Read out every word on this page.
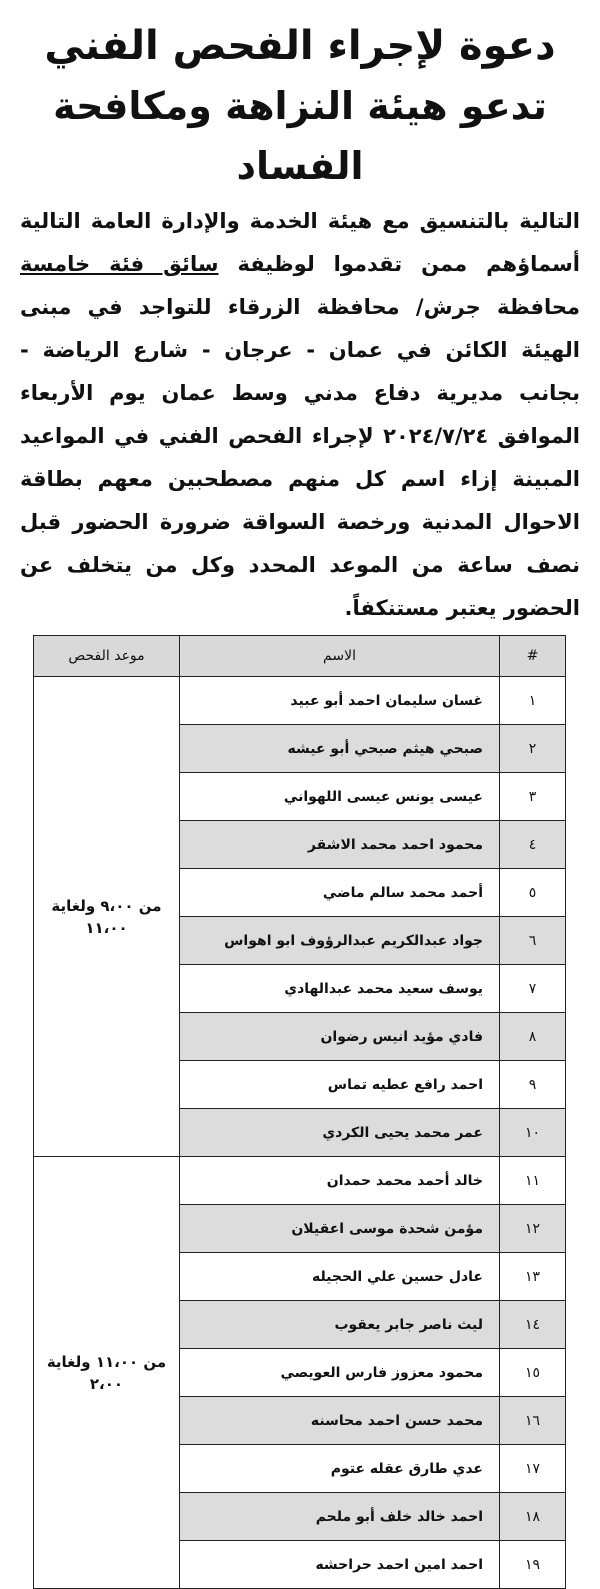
دعوة لإجراء الفحص الفني
تدعو هيئة النزاهة ومكافحة الفساد

التالية بالتنسيق مع هيئة الخدمة والإدارة العامة التالية أسماؤهم ممن تقدموا لوظيفة سائق فئة خامسة محافظة جرش/ محافظة الزرقاء للتواجد في مبنى الهيئة الكائن في عمان - عرجان - شارع الرياضة - بجانب مديرية دفاع مدني وسط عمان يوم الأربعاء الموافق ٢٠٢٤/٧/٢٤ لإجراء الفحص الفني في المواعيد المبينة إزاء اسم كل منهم مصطحبين معهم بطاقة الاحوال المدنية ورخصة السواقة ضرورة الحضور قبل نصف ساعة من الموعد المحدد وكل من يتخلف عن الحضور يعتبر مستنكفاً.

#	الاسم	موعد الفحص
١	غسان سليمان احمد أبو عبيد	من ٩،٠٠ ولغاية ١١،٠٠
٢	صبحي هيثم صبحي أبو عيشه	
٣	عيسى يونس عيسى اللهواني	
٤	محمود احمد محمد الاشقر	
٥	أحمد محمد سالم ماضي	
٦	جواد عبدالكريم عبدالرؤوف ابو اهواس	
٧	يوسف سعيد محمد عبدالهادي	
٨	فادي مؤيد انيس رضوان	
٩	احمد رافع عطيه تماس	
١٠	عمر محمد يحيى الكردي	
١١	خالد أحمد محمد حمدان	من ١١،٠٠ ولغاية ٢،٠٠
١٢	مؤمن شحدة موسى اعقيلان	
١٣	عادل حسين علي الحجيله	
١٤	ليث ناصر جابر يعقوب	
١٥	محمود معزوز فارس العويصي	
١٦	محمد حسن احمد محاسنه	
١٧	عدي طارق عقله عتوم	
١٨	احمد خالد خلف أبو ملحم	
١٩	احمد امين احمد حراحشه	
